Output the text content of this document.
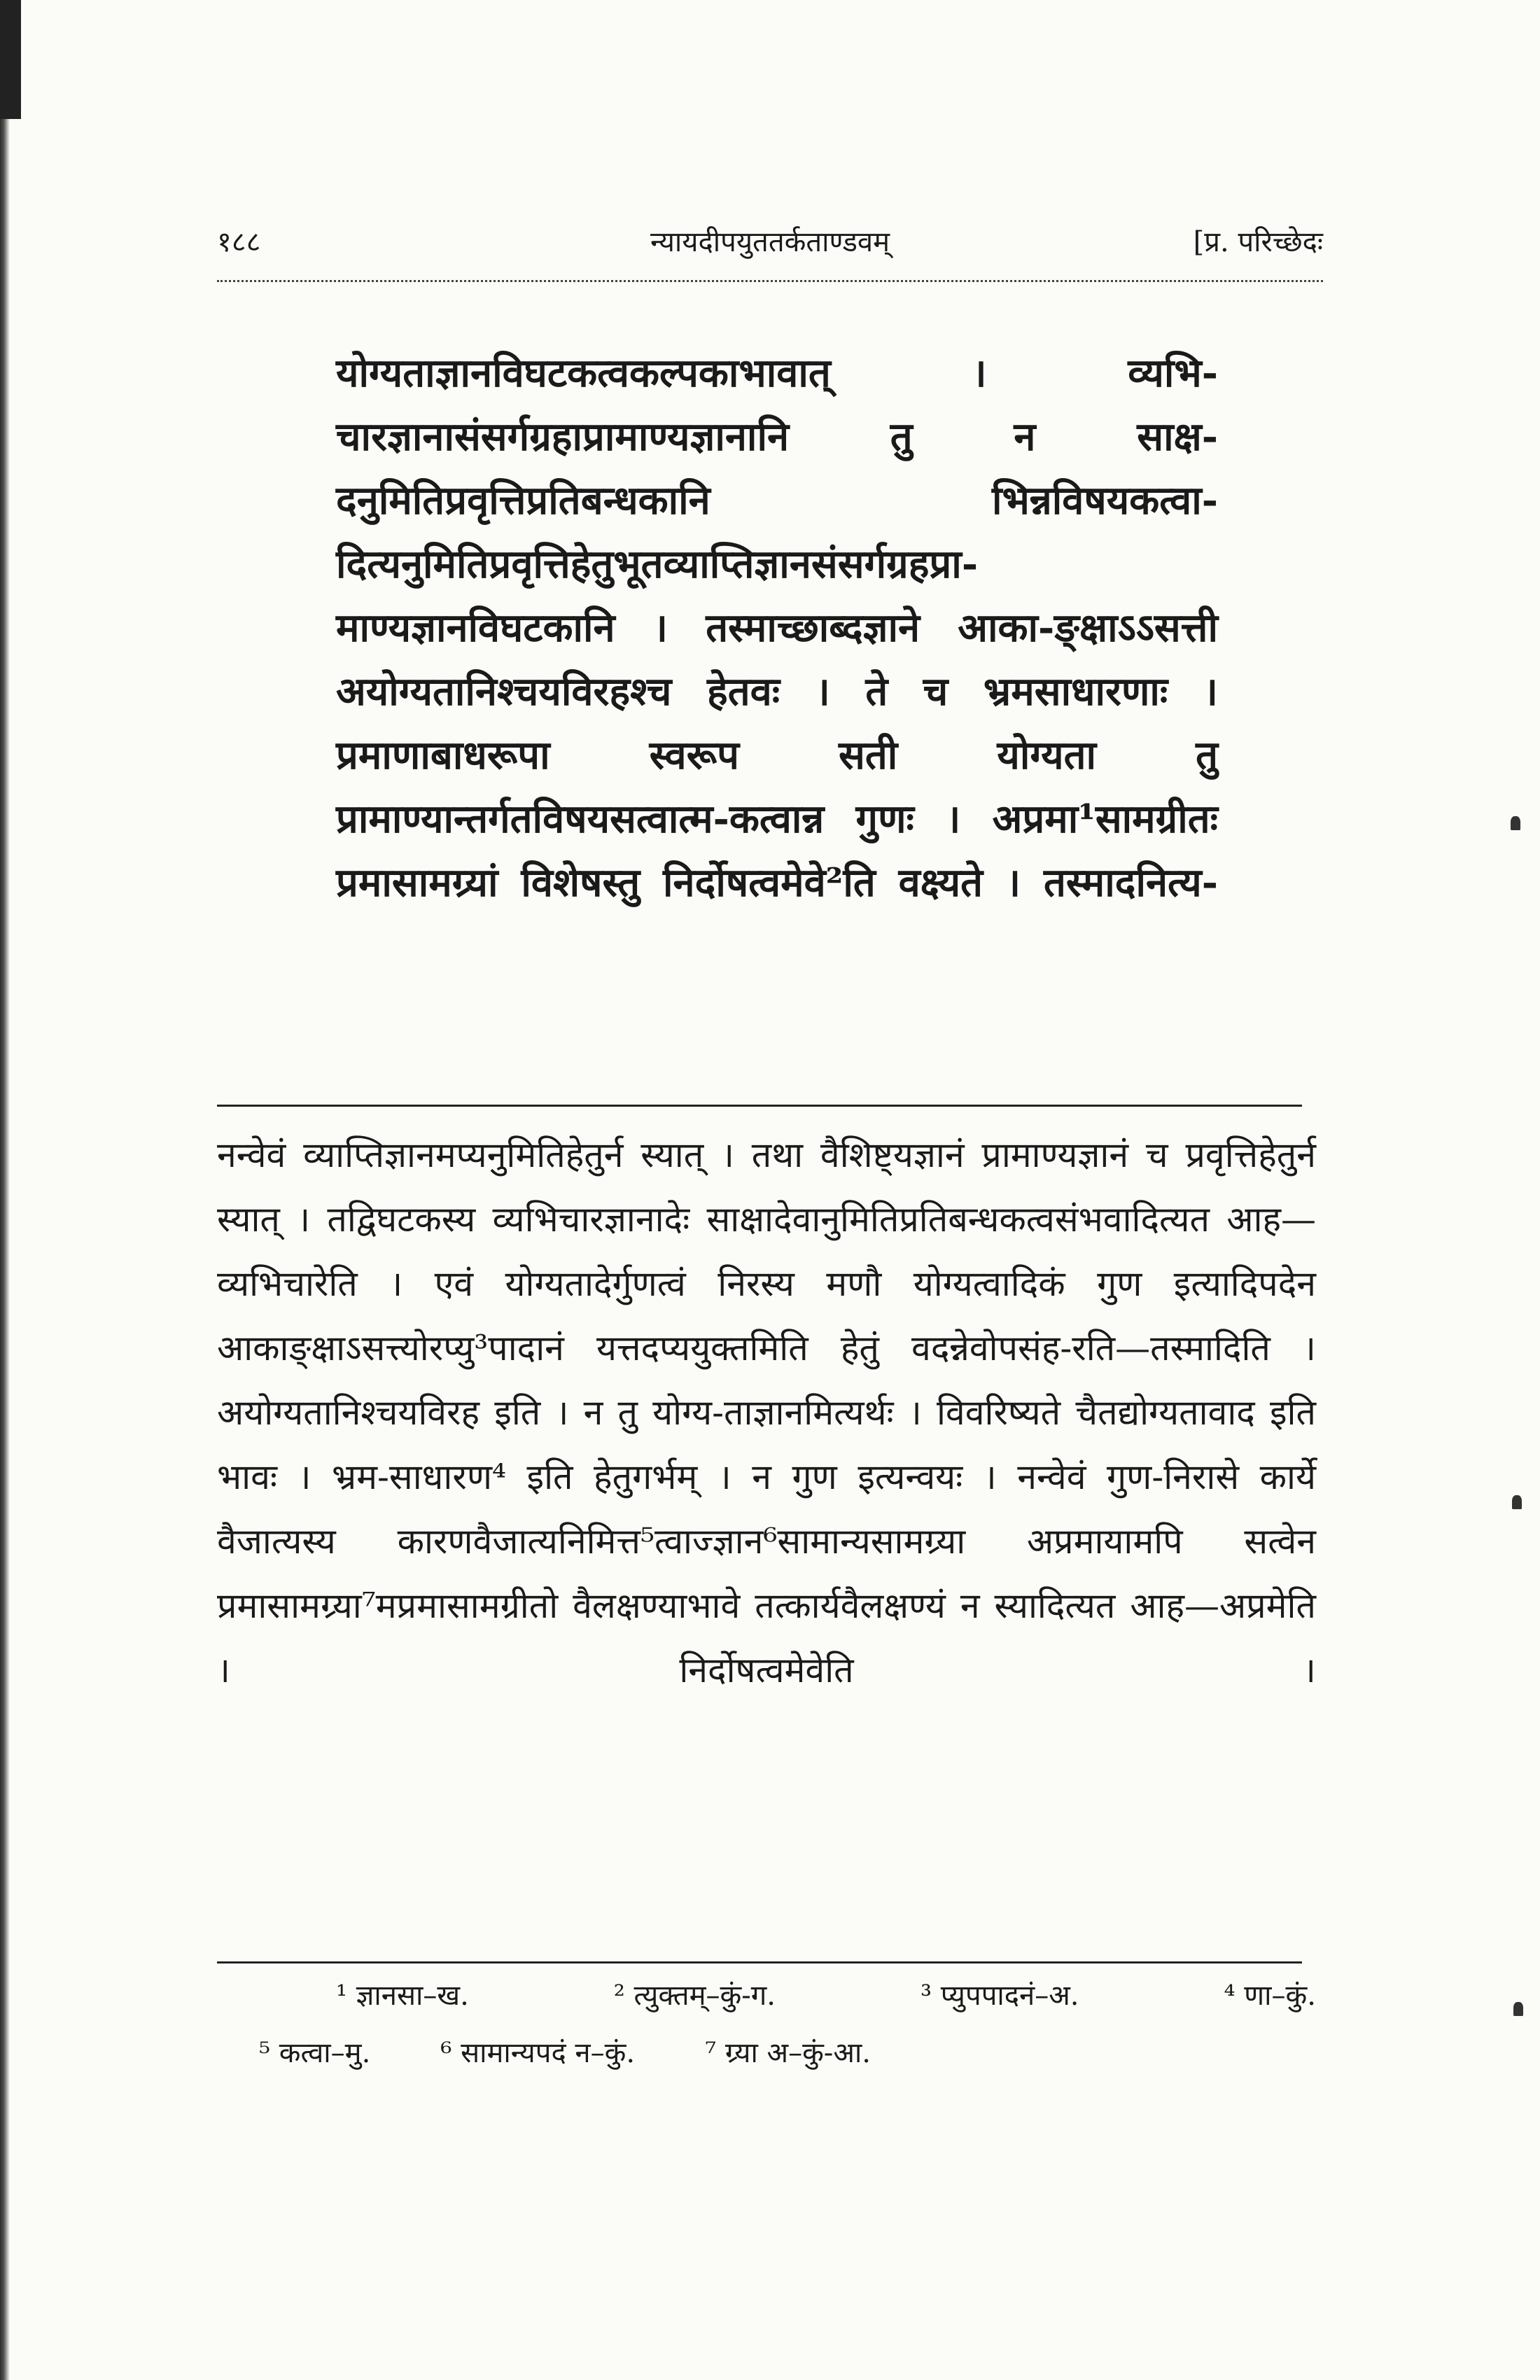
१८८	न्यायदीपयुततर्कताण्डवम्	[प्र. परिच्छेदः

योग्यताज्ञानविघटकत्वकल्पकाभावात् । व्यभि-चारज्ञानासंसर्गग्रहाप्रामाण्यज्ञानानि तु न साक्ष-दनुमितिप्रवृत्तिप्रतिबन्धकानि भिन्नविषयकत्वा-दित्यनुमितिप्रवृत्तिहेतुभूतव्याप्तिज्ञानसंसर्गग्रहप्रा-माण्यज्ञानविघटकानि । तस्माच्छाब्दज्ञाने आका-ङ्क्षाऽऽसत्ती अयोग्यतानिश्चयविरहश्च हेतवः । ते च भ्रमसाधारणाः । प्रमाणाबाधरूपा स्वरूप सती योग्यता तु प्रामाण्यान्तर्गतविषयसत्वात्म-कत्वान्न गुणः । अप्रमा¹सामग्रीतः प्रमासामग्र्यां विशेषस्तु निर्दोषत्वमेवे²ति वक्ष्यते । तस्मादनित्य-

नन्वेवं व्याप्तिज्ञानमप्यनुमितिहेतुर्न स्यात् । तथा वैशिष्ट्यज्ञानं प्रामाण्यज्ञानं च प्रवृत्तिहेतुर्न स्यात् । तद्विघटकस्य व्यभिचारज्ञानादेः साक्षादेवानुमितिप्रतिबन्धकत्वसंभवादित्यत आह—व्यभिचारेति । एवं योग्यतादेर्गुणत्वं निरस्य मणौ योग्यत्वादिकं गुण इत्यादिपदेन आकाङ्क्षाऽसत्त्योरप्यु³पादानं यत्तदप्ययुक्तमिति हेतुं वदन्नेवोपसंह-रति—तस्मादिति । अयोग्यतानिश्चयविरह इति । न तु योग्य-ताज्ञानमित्यर्थः । विवरिष्यते चैतद्योग्यतावाद इति भावः । भ्रम-साधारण⁴ इति हेतुगर्भम् । न गुण इत्यन्वयः । नन्वेवं गुण-निरासे कार्ये वैजात्यस्य कारणवैजात्यनिमित्त⁵त्वाज्ज्ञान⁶सामान्यसामग्र्या अप्रमायामपि सत्वेन प्रमासामग्र्या⁷मप्रमासामग्रीतो वैलक्षण्याभावे तत्कार्यवैलक्षण्यं न स्यादित्यत आह—अप्रमेति । निर्दोषत्वमेवेति ।

¹ ज्ञानसा–ख.	² त्युक्तम्–कुं-ग.	³ प्युपपादनं–अ.	⁴ णा–कुं.
⁵ कत्वा–मु.	⁶ सामान्यपदं न–कुं.	⁷ ग्र्या अ–कुं-आ.
